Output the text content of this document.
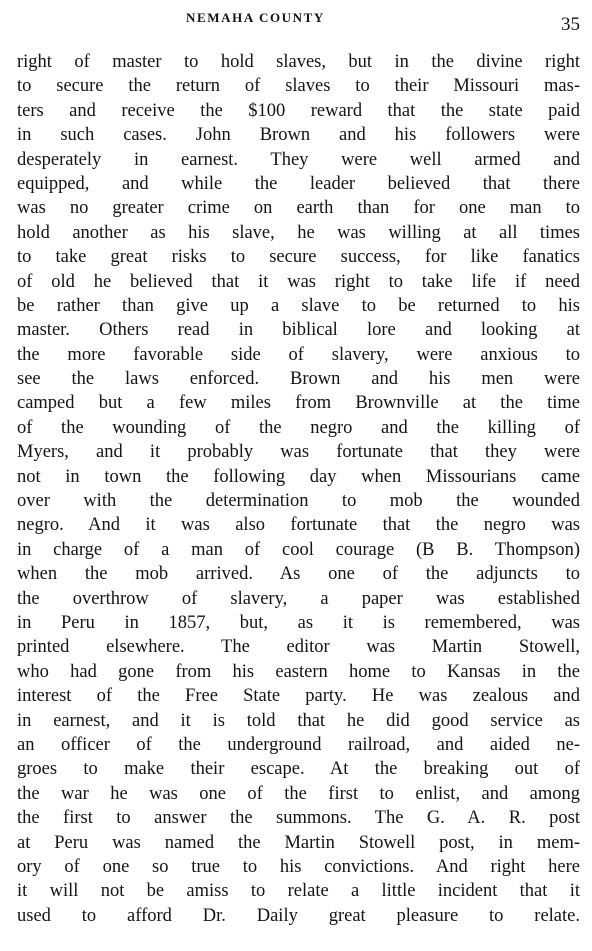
NEMAHA COUNTY	35
right of master to hold slaves, but in the divine right
to secure the return of slaves to their Missouri mas-
ters and receive the $100 reward that the state paid
in such cases. John Brown and his followers were
desperately in earnest. They were well armed and
equipped, and while the leader believed that there
was no greater crime on earth than for one man to
hold another as his slave, he was willing at all times
to take great risks to secure success, for like fanatics
of old he believed that it was right to take life if need
be rather than give up a slave to be returned to his
master. Others read in biblical lore and looking at
the more favorable side of slavery, were anxious to
see the laws enforced. Brown and his men were
camped but a few miles from Brownville at the time
of the wounding of the negro and the killing of
Myers, and it probably was fortunate that they were
not in town the following day when Missourians came
over with the determination to mob the wounded
negro. And it was also fortunate that the negro was
in charge of a man of cool courage (B B. Thompson)
when the mob arrived. As one of the adjuncts to
the overthrow of slavery, a paper was established
in Peru in 1857, but, as it is remembered, was
printed elsewhere. The editor was Martin Stowell,
who had gone from his eastern home to Kansas in the
interest of the Free State party. He was zealous and
in earnest, and it is told that he did good service as
an officer of the underground railroad, and aided ne-
groes to make their escape. At the breaking out of
the war he was one of the first to enlist, and among
the first to answer the summons. The G. A. R. post
at Peru was named the Martin Stowell post, in mem-
ory of one so true to his convictions. And right here
it will not be amiss to relate a little incident that it
used to afford Dr. Daily great pleasure to relate.
